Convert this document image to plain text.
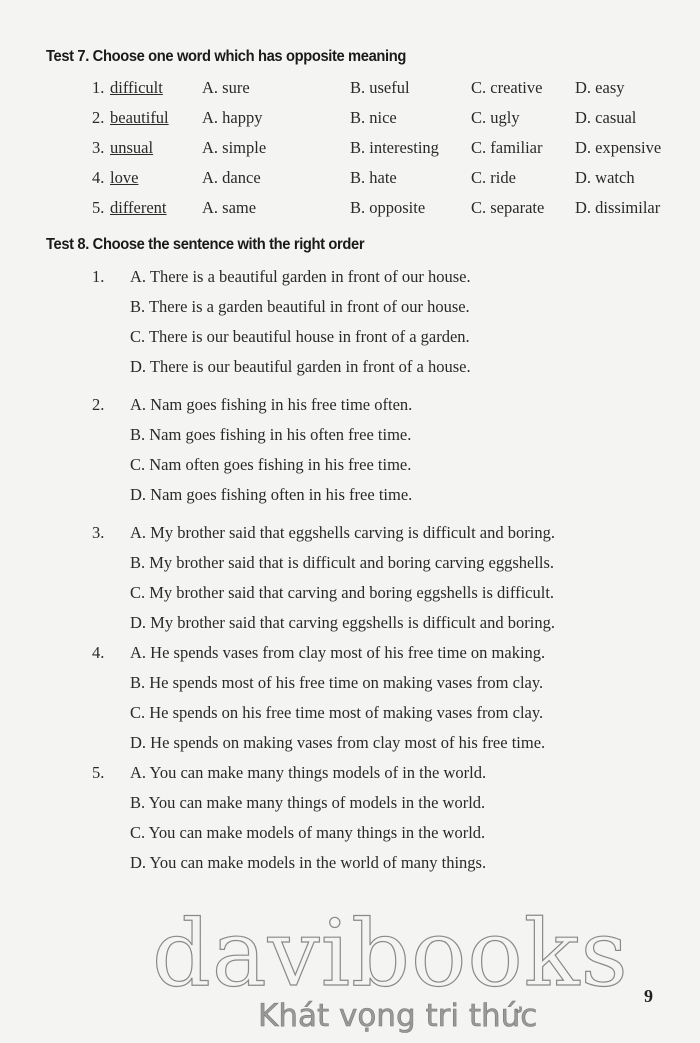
Test 7. Choose one word which has opposite meaning
1. difficult A. sure	B. useful	C. creative D. easy
2. beautiful A. happy	B. nice	C. ugly	D. casual
3. unsual	A. simple	B. interesting C. familiar D. expensive
4. love	A. dance	B. hate	C. ride	D. watch
5. different A. same	B. opposite	C. separate D. dissimilar
Test 8. Choose the sentence with the right order
1. A. There is a beautiful garden in front of our house.
B. There is a garden beautiful in front of our house.
C. There is our beautiful house in front of a garden.
D. There is our beautiful garden in front of a house.
2. A. Nam goes fishing in his free time often.
B. Nam goes fishing in his often free time.
C. Nam often goes fishing in his free time.
D. Nam goes fishing often in his free time.
3. A. My brother said that eggshells carving is difficult and boring.
B. My brother said that is difficult and boring carving eggshells.
C. My brother said that carving and boring eggshells is difficult.
D. My brother said that carving eggshells is difficult and boring.
4. A. He spends vases from clay most of his free time on making.
B. He spends most of his free time on making vases from clay.
C. He spends on his free time most of making vases from clay.
D. He spends on making vases from clay most of his free time.
5. A. You can make many things models of in the world.
B. You can make many things of models in the world.
C. You can make models of many things in the world.
D. You can make models in the world of many things.
davibooks
Khát vọng tri thức
9
